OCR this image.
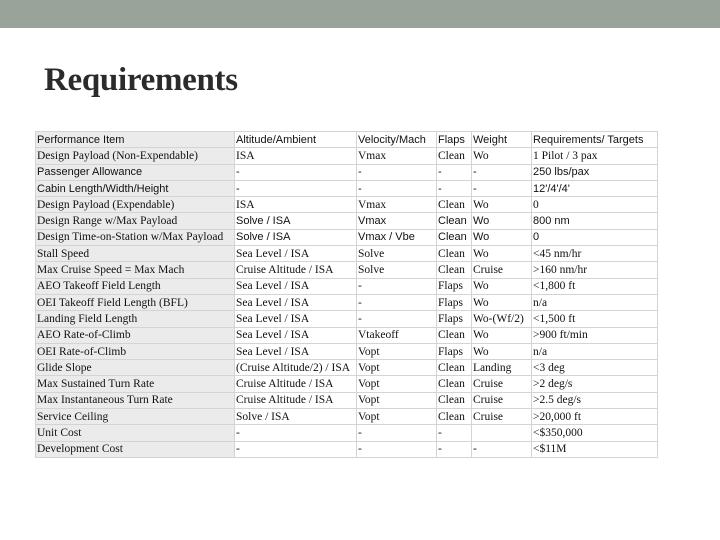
Requirements
Performance Item	Altitude/Ambient	Velocity/Mach	Flaps	Weight	Requirements/ Targets
Design Payload (Non-Expendable)	ISA	Vmax	Clean	Wo	1 Pilot / 3 pax
Passenger Allowance	-	-	-	-	250 lbs/pax
Cabin Length/Width/Height	-	-	-	-	12'/4'/4'
Design Payload (Expendable)	ISA	Vmax	Clean	Wo	0
Design Range w/Max Payload	Solve / ISA	Vmax	Clean	Wo	800 nm
Design Time-on-Station w/Max Payload	Solve / ISA	Vmax / Vbe	Clean	Wo	0
Stall Speed	Sea Level / ISA	Solve	Clean	Wo	<45 nm/hr
Max Cruise Speed = Max Mach	Cruise Altitude / ISA	Solve	Clean	Cruise	>160 nm/hr
AEO Takeoff Field Length	Sea Level / ISA	-	Flaps	Wo	<1,800 ft
OEI Takeoff Field Length (BFL)	Sea Level / ISA	-	Flaps	Wo	n/a
Landing Field Length	Sea Level / ISA	-	Flaps	Wo-(Wf/2)	<1,500 ft
AEO Rate-of-Climb	Sea Level / ISA	Vtakeoff	Clean	Wo	>900 ft/min
OEI Rate-of-Climb	Sea Level / ISA	Vopt	Flaps	Wo	n/a
Glide Slope	(Cruise Altitude/2) / ISA	Vopt	Clean	Landing	<3 deg
Max Sustained Turn Rate	Cruise Altitude / ISA	Vopt	Clean	Cruise	>2 deg/s
Max Instantaneous Turn Rate	Cruise Altitude / ISA	Vopt	Clean	Cruise	>2.5 deg/s
Service Ceiling	Solve / ISA	Vopt	Clean	Cruise	>20,000 ft
Unit Cost	-	-	-		<$350,000
Development Cost	-	-	-	-	<$11M
